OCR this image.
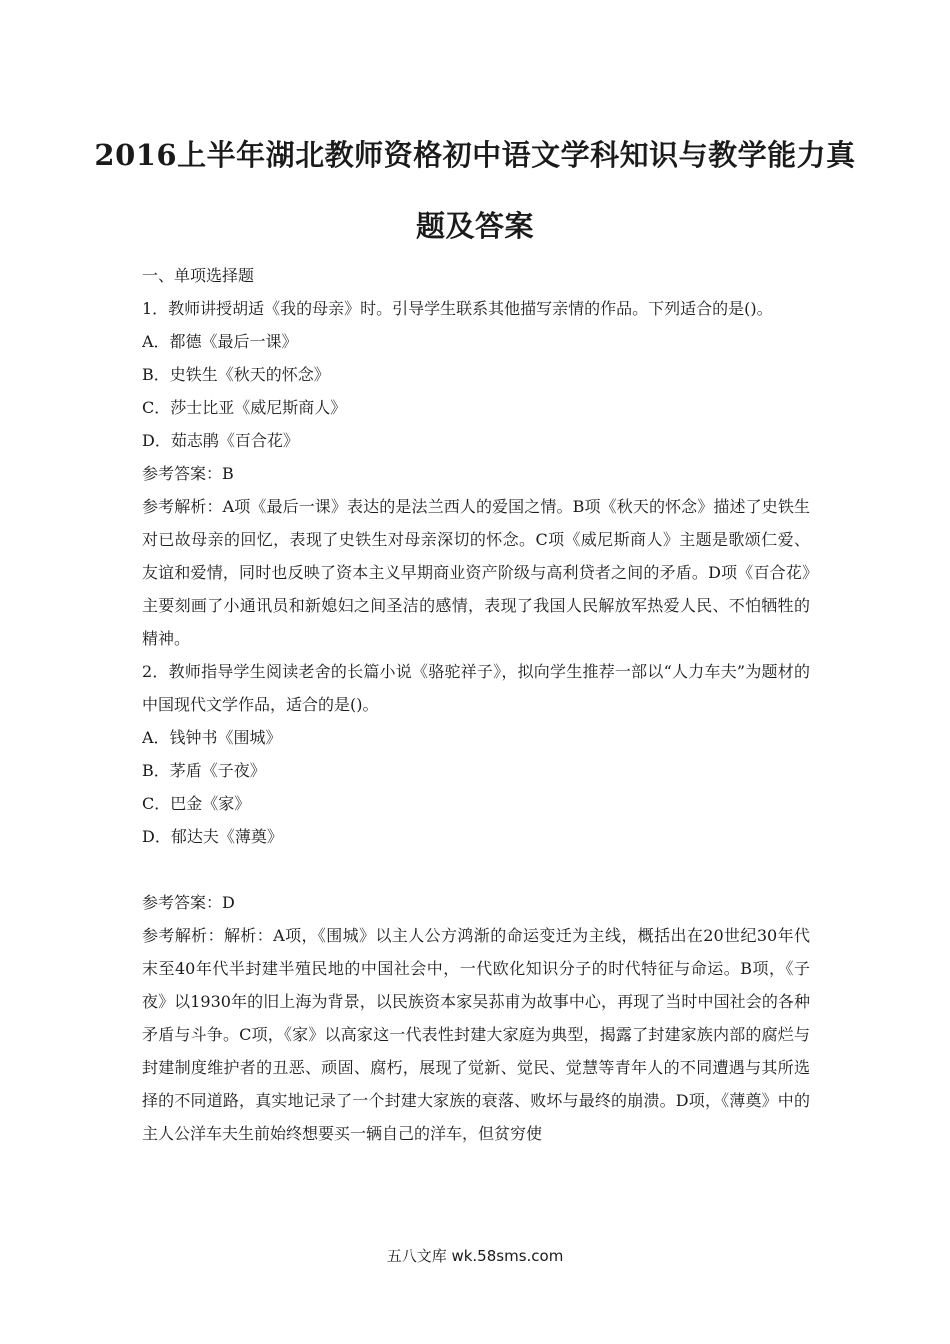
2016上半年湖北教师资格初中语文学科知识与教学能力真
题及答案
一、单项选择题
1．教师讲授胡适《我的母亲》时。引导学生联系其他描写亲情的作品。下列适合的是()。
A．都德《最后一课》
B．史铁生《秋天的怀念》
C．莎士比亚《威尼斯商人》
D．茹志鹃《百合花》
参考答案：B
参考解析：A项《最后一课》表达的是法兰西人的爱国之情。B项《秋天的怀念》描述了史铁生对已故母亲的回忆，表现了史铁生对母亲深切的怀念。C项《威尼斯商人》主题是歌颂仁爱、友谊和爱情，同时也反映了资本主义早期商业资产阶级与高利贷者之间的矛盾。D项《百合花》主要刻画了小通讯员和新媳妇之间圣洁的感情，表现了我国人民解放军热爱人民、不怕牺牲的精神。
2．教师指导学生阅读老舍的长篇小说《骆驼祥子》，拟向学生推荐一部以“人力车夫”为题材的中国现代文学作品，适合的是()。
A．钱钟书《围城》
B．茅盾《子夜》
C．巴金《家》
D．郁达夫《薄奠》
参考答案：D
参考解析：解析：A项，《围城》以主人公方鸿渐的命运变迁为主线，概括出在20世纪30年代末至40年代半封建半殖民地的中国社会中，一代欧化知识分子的时代特征与命运。B项，《子夜》以1930年的旧上海为背景，以民族资本家吴荪甫为故事中心，再现了当时中国社会的各种矛盾与斗争。C项，《家》以高家这一代表性封建大家庭为典型，揭露了封建家族内部的腐烂与封建制度维护者的丑恶、顽固、腐朽，展现了觉新、觉民、觉慧等青年人的不同遭遇与其所选择的不同道路，真实地记录了一个封建大家族的衰落、败坏与最终的崩溃。D项，《薄奠》中的主人公洋车夫生前始终想要买一辆自己的洋车，但贫穷使
五八文库 wk.58sms.com
